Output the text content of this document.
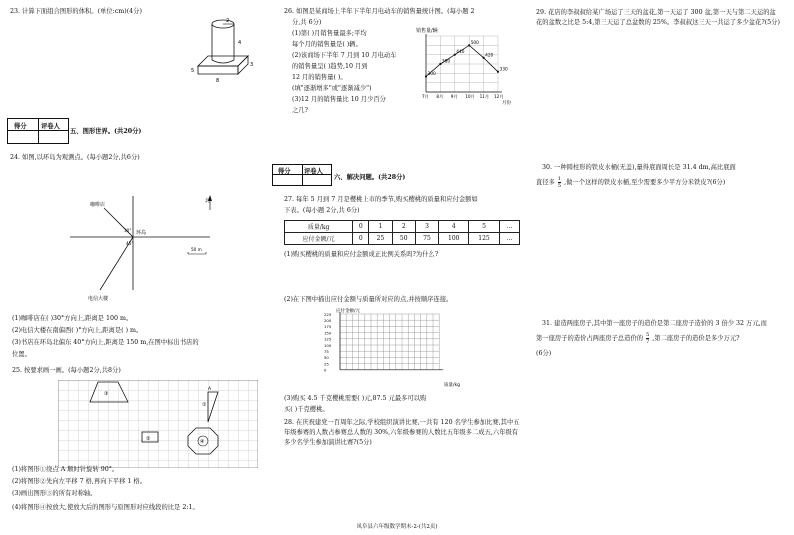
23. 计算下面组合图形的体积。(单位:cm)(4分)
2
4
3
8
5
得分 评卷人
五、图形世界。(共20分)
24. 如图,以环岛为观测点。(每小题2分,共6分)
北
咖啡店
环岛
30°
45°
电信大楼
50 m
(1)咖啡店在( )30°方向上,距离是 100 m。
(2)电信大楼在南偏西( )°方向上,距离是( ) m。
(3)书店在环岛北偏东 40°方向上,距离是 150 m,在图中标出书店的
位置。
25. 按要求画一画。(每小题2分,共8分)
③
①
A
②	④
(1)将图形①绕点 A 顺时针旋转 90°。
(2)将图形②先向左平移 7 格,再向下平移 1 格。
(3)画出图形③的所有对称轴。
(4)将图形④按放大,使放大后的图形与原图形对应线段的比是 2:1。
26. 如图是某商场上半年下半年月电动车的销售量统计图。(每小题 2
分,共 6分)
(1)第( )月销售量最多;平均
每个月的销售量是( )辆。
(2)该商场下半年 7 月到 10 月电动车
的销售量呈( )趋势,10 月到
12 月的销售量( )。
(填"逐渐增多"或"逐渐减少")
(3)12 月的销售量比 10 月少百分
之几?
销售量/辆
月份
300
380
440
500
420
330
7月 8月 9月 10月 11月 12月
得分 评卷人
六、解决问题。(共28分)
27. 每年 5 月到 7 月是樱桃上市的季节,购买樱桃的质量和应付金额如
下表。(每小题 2分,共 6分)
质量/kg	0	1	2	3	4	5	…
应付金额/元	0	25	50	75	100	125	…
(1)购买樱桃的质量和应付金额成正比例关系吗?为什么?
(2)在下图中描出应付金额与质量所对应的点,并按顺序连接。
应付金额/元
质量/kg
225
200
175
150
125
100
75
50
25
0
(3)购买 4.5 千克樱桃需要( )元,87.5 元最多可以购
买( )千克樱桃。
28. 在庆祝建党一百周年之际,学校组织演讲比赛,一共有 120 名学生参加比赛,其中五年级参赛的人数占参赛总人数的 30%,六年级参赛的人数比五年级多二成五,六年级有多少名学生参加演讲比赛?(5分)
29. 花店的李叔叔给某广场运了三天的盆花,第一天运了 300 盆,第一天与第二天运的盆花的盆数之比是 5:4,第三天运了总盆数的 25%。李叔叔这三天一共运了多少盆花?(5分)
30. 一种圆柱形的铁皮水桶(无盖),量得底面周长是 31.4 dm,高比底面
直径多 $\frac{1}{5}$ ,做一个这样的铁皮水桶,至少需要多少平方分米铁皮?(6分)
31. 建造两座房子,其中第一座房子的造价是第二座房子造价的 3 倍少 32 万元,而
第一座房子的造价占两座房子总造价的 $\frac{5}{7}$ ,第二座房子的造价是多少万元?
(6分)
凤阜县六年级数学期末-2-(共2页)
